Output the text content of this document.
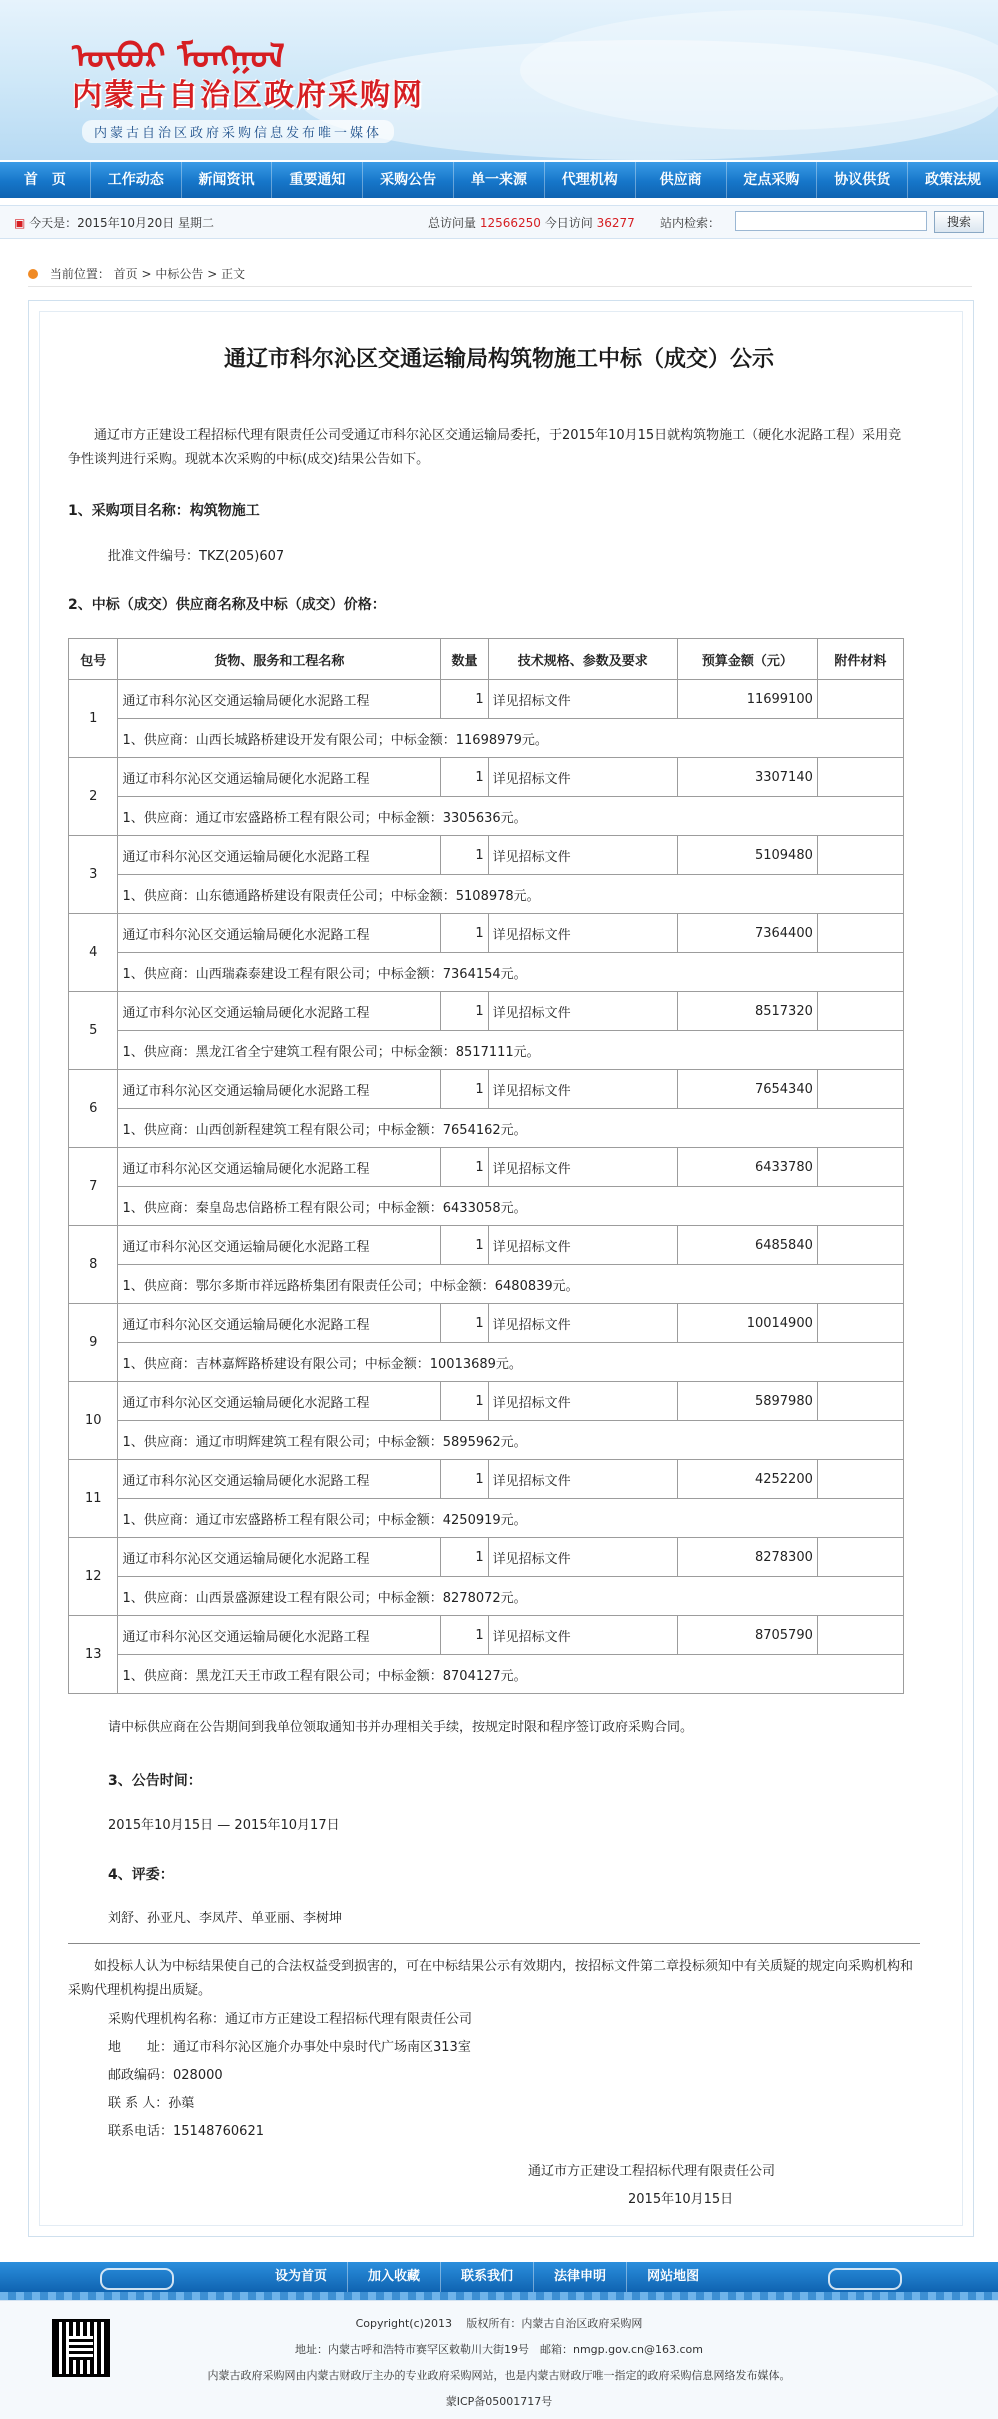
ᠦᠪᠦᠷ ᠮᠣᠩᠭᠣᠯ
内蒙古自治区政府采购网
内蒙古自治区政府采购信息发布唯一媒体
首　页	工作动态	新闻资讯	重要通知	采购公告	单一来源	代理机构	供应商	定点采购	协议供货	政策法规
▣ 今天是：2015年10月20日 星期二	总访问量 12566250 今日访问 36277 站内检索：	搜索
当前位置： 首页 > 中标公告 > 正文
通辽市科尔沁区交通运输局构筑物施工中标（成交）公示
通辽市方正建设工程招标代理有限责任公司受通辽市科尔沁区交通运输局委托，于2015年10月15日就构筑物施工（硬化水泥路工程）采用竞争性谈判进行采购。现就本次采购的中标(成交)结果公告如下。
1、采购项目名称：构筑物施工
批准文件编号：TKZ(205)607
2、中标（成交）供应商名称及中标（成交）价格：
包号	货物、服务和工程名称	数量	技术规格、参数及要求	预算金额（元）	附件材料
1	通辽市科尔沁区交通运输局硬化水泥路工程	1	详见招标文件	11699100	
	1、供应商：山西长城路桥建设开发有限公司；中标金额：11698979元。				
2	通辽市科尔沁区交通运输局硬化水泥路工程	1	详见招标文件	3307140	
	1、供应商：通辽市宏盛路桥工程有限公司；中标金额：3305636元。				
3	通辽市科尔沁区交通运输局硬化水泥路工程	1	详见招标文件	5109480	
	1、供应商：山东德通路桥建设有限责任公司；中标金额：5108978元。				
4	通辽市科尔沁区交通运输局硬化水泥路工程	1	详见招标文件	7364400	
	1、供应商：山西瑞森泰建设工程有限公司；中标金额：7364154元。				
5	通辽市科尔沁区交通运输局硬化水泥路工程	1	详见招标文件	8517320	
	1、供应商：黑龙江省全宁建筑工程有限公司；中标金额：8517111元。				
6	通辽市科尔沁区交通运输局硬化水泥路工程	1	详见招标文件	7654340	
	1、供应商：山西创新程建筑工程有限公司；中标金额：7654162元。				
7	通辽市科尔沁区交通运输局硬化水泥路工程	1	详见招标文件	6433780	
	1、供应商：秦皇岛忠信路桥工程有限公司；中标金额：6433058元。				
8	通辽市科尔沁区交通运输局硬化水泥路工程	1	详见招标文件	6485840	
	1、供应商：鄂尔多斯市祥远路桥集团有限责任公司；中标金额：6480839元。				
9	通辽市科尔沁区交通运输局硬化水泥路工程	1	详见招标文件	10014900	
	1、供应商：吉林嘉辉路桥建设有限公司；中标金额：10013689元。				
10	通辽市科尔沁区交通运输局硬化水泥路工程	1	详见招标文件	5897980	
	1、供应商：通辽市明辉建筑工程有限公司；中标金额：5895962元。				
11	通辽市科尔沁区交通运输局硬化水泥路工程	1	详见招标文件	4252200	
	1、供应商：通辽市宏盛路桥工程有限公司；中标金额：4250919元。				
12	通辽市科尔沁区交通运输局硬化水泥路工程	1	详见招标文件	8278300	
	1、供应商：山西景盛源建设工程有限公司；中标金额：8278072元。				
13	通辽市科尔沁区交通运输局硬化水泥路工程	1	详见招标文件	8705790	
	1、供应商：黑龙江天王市政工程有限公司；中标金额：8704127元。				
请中标供应商在公告期间到我单位领取通知书并办理相关手续，按规定时限和程序签订政府采购合同。
3、公告时间：
2015年10月15日 — 2015年10月17日
4、评委：
刘舒、孙亚凡、李凤芹、单亚丽、李树坤
如投标人认为中标结果使自己的合法权益受到损害的，可在中标结果公示有效期内，按招标文件第二章投标须知中有关质疑的规定向采购机构和采购代理机构提出质疑。
采购代理机构名称：通辽市方正建设工程招标代理有限责任公司
地　　址：通辽市科尔沁区施介办事处中泉时代广场南区313室
邮政编码：028000
联 系 人：孙蕖
联系电话：15148760621
通辽市方正建设工程招标代理有限责任公司
2015年10月15日
设为首页	加入收藏	联系我们	法律申明	网站地图
Copyright(c)2013 　版权所有：内蒙古自治区政府采购网
地址：内蒙古呼和浩特市赛罕区敕勒川大街19号　邮箱：nmgp.gov.cn@163.com
内蒙古政府采购网由内蒙古财政厅主办的专业政府采购网站，也是内蒙古财政厅唯一指定的政府采购信息网络发布媒体。
蒙ICP备05001717号
